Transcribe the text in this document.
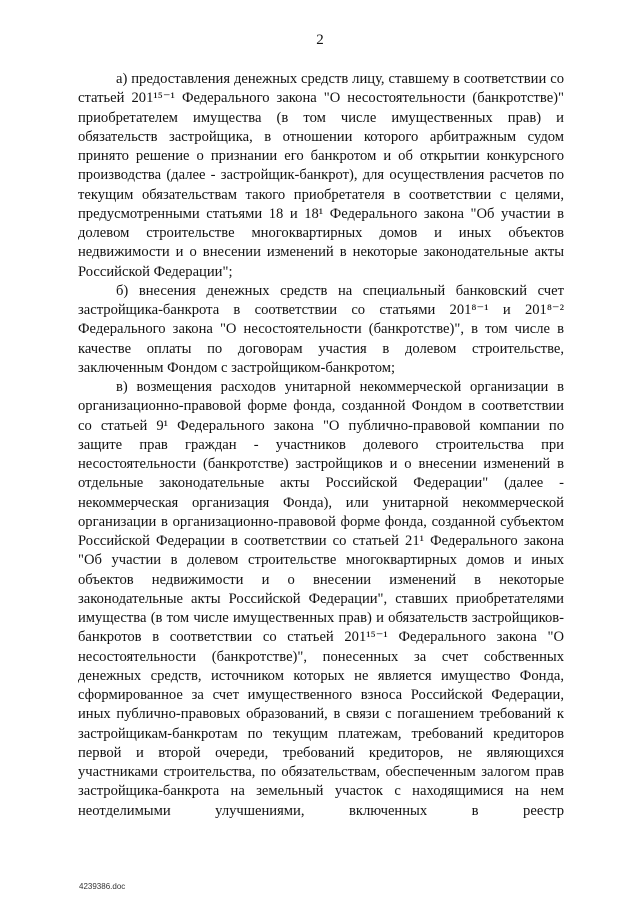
2

а) предоставления денежных средств лицу, ставшему в соответствии со статьей 201¹⁵⁻¹ Федерального закона "О несостоятельности (банкротстве)" приобретателем имущества (в том числе имущественных прав) и обязательств застройщика, в отношении которого арбитражным судом принято решение о признании его банкротом и об открытии конкурсного производства (далее - застройщик-банкрот), для осуществления расчетов по текущим обязательствам такого приобретателя в соответствии с целями, предусмотренными статьями 18 и 18¹ Федерального закона "Об участии в долевом строительстве многоквартирных домов и иных объектов недвижимости и о внесении изменений в некоторые законодательные акты Российской Федерации";

б) внесения денежных средств на специальный банковский счет застройщика-банкрота в соответствии со статьями 201⁸⁻¹ и 201⁸⁻² Федерального закона "О несостоятельности (банкротстве)", в том числе в качестве оплаты по договорам участия в долевом строительстве, заключенным Фондом с застройщиком-банкротом;

в) возмещения расходов унитарной некоммерческой организации в организационно-правовой форме фонда, созданной Фондом в соответствии со статьей 9¹ Федерального закона "О публично-правовой компании по защите прав граждан - участников долевого строительства при несостоятельности (банкротстве) застройщиков и о внесении изменений в отдельные законодательные акты Российской Федерации" (далее - некоммерческая организация Фонда), или унитарной некоммерческой организации в организационно-правовой форме фонда, созданной субъектом Российской Федерации в соответствии со статьей 21¹ Федерального закона "Об участии в долевом строительстве многоквартирных домов и иных объектов недвижимости и о внесении изменений в некоторые законодательные акты Российской Федерации", ставших приобретателями имущества (в том числе имущественных прав) и обязательств застройщиков-банкротов в соответствии со статьей 201¹⁵⁻¹ Федерального закона "О несостоятельности (банкротстве)", понесенных за счет собственных денежных средств, источником которых не является имущество Фонда, сформированное за счет имущественного взноса Российской Федерации, иных публично-правовых образований, в связи с погашением требований к застройщикам-банкротам по текущим платежам, требований кредиторов первой и второй очереди, требований кредиторов, не являющихся участниками строительства, по обязательствам, обеспеченным залогом прав застройщика-банкрота на земельный участок с находящимися на нем неотделимыми улучшениями, включенных в реестр

4239386.doc
